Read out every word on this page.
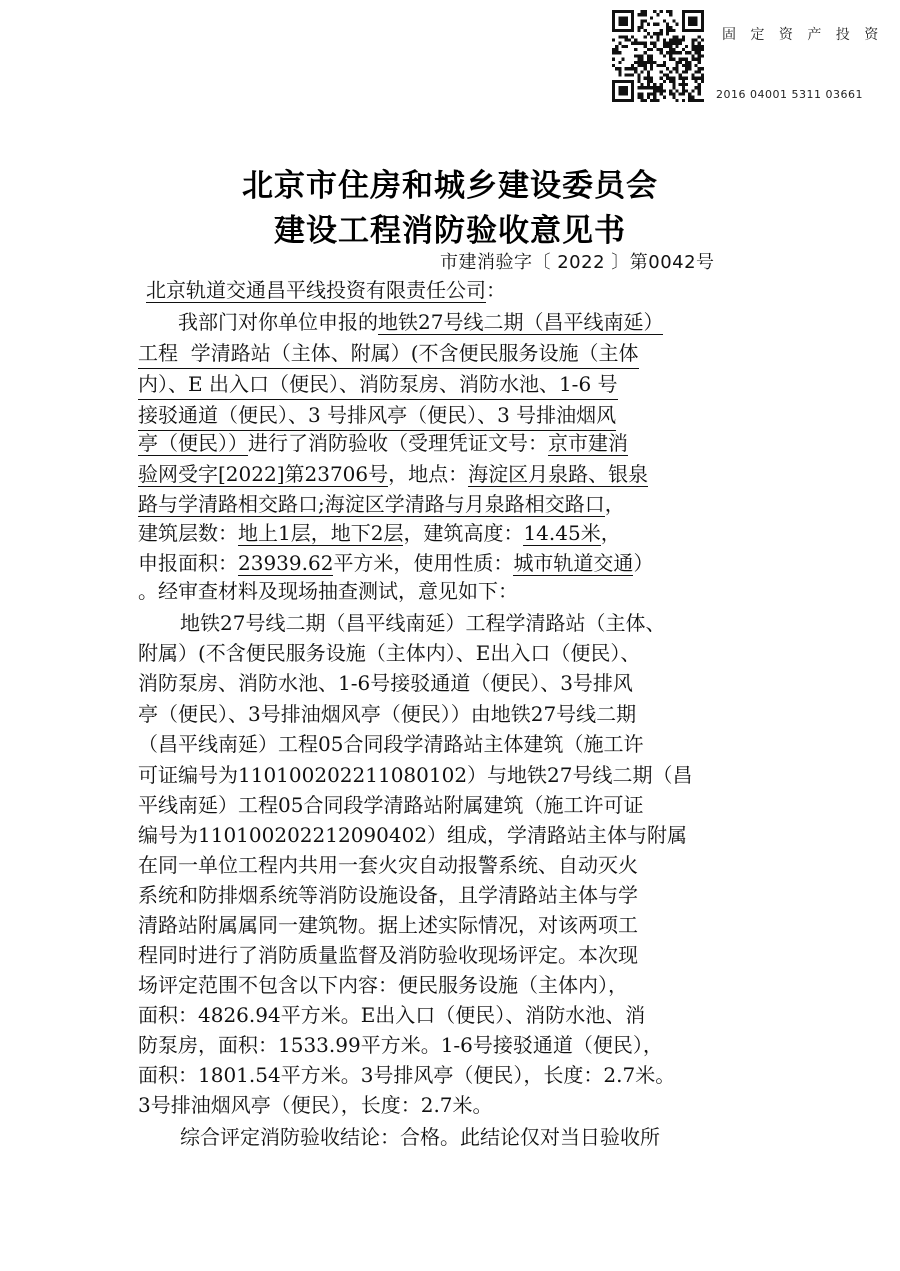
固 定 资 产 投 资
2016 04001 5311 03661
北京市住房和城乡建设委员会
建设工程消防验收意见书
市建消验字〔 2022 〕第0042号
北京轨道交通昌平线投资有限责任公司：
我部门对你单位申报的地铁27号线二期（昌平线南延）
工程  学清路站（主体、附属）(不含便民服务设施（主体
内）、E 出入口（便民）、消防泵房、消防水池、1-6 号
接驳通道（便民）、3 号排风亭（便民）、3 号排油烟风
亭（便民））进行了消防验收（受理凭证文号：京市建消
验网受字[2022]第23706号，地点：海淀区月泉路、银泉
路与学清路相交路口;海淀区学清路与月泉路相交路口，
建筑层数：地上1层，地下2层，建筑高度：14.45米，
申报面积：23939.62平方米，使用性质：城市轨道交通）
。经审查材料及现场抽查测试，意见如下：
地铁27号线二期（昌平线南延）工程学清路站（主体、
附属）(不含便民服务设施（主体内）、E出入口（便民）、
消防泵房、消防水池、1-6号接驳通道（便民）、3号排风
亭（便民）、3号排油烟风亭（便民））由地铁27号线二期
（昌平线南延）工程05合同段学清路站主体建筑（施工许
可证编号为110100202211080102）与地铁27号线二期（昌
平线南延）工程05合同段学清路站附属建筑（施工许可证
编号为110100202212090402）组成，学清路站主体与附属
在同一单位工程内共用一套火灾自动报警系统、自动灭火
系统和防排烟系统等消防设施设备，且学清路站主体与学
清路站附属属同一建筑物。据上述实际情况，对该两项工
程同时进行了消防质量监督及消防验收现场评定。本次现
场评定范围不包含以下内容：便民服务设施（主体内），
面积：4826.94平方米。E出入口（便民）、消防水池、消
防泵房，面积：1533.99平方米。1-6号接驳通道（便民），
面积：1801.54平方米。3号排风亭（便民），长度：2.7米。
3号排油烟风亭（便民），长度：2.7米。
综合评定消防验收结论：合格。此结论仅对当日验收所
